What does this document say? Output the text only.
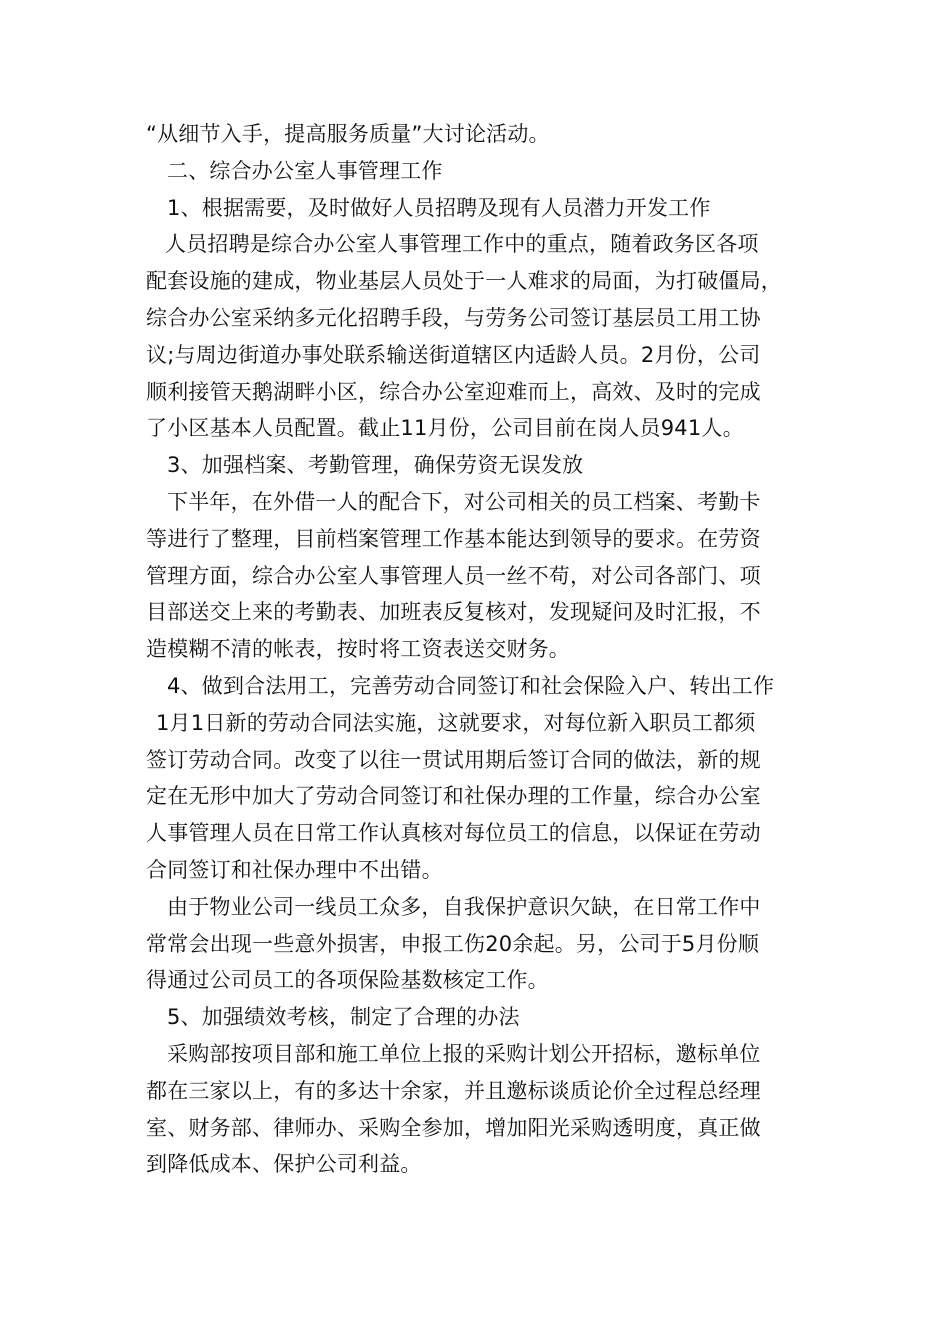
“从细节入手，提高服务质量”大讨论活动。
二、综合办公室人事管理工作
1、根据需要，及时做好人员招聘及现有人员潜力开发工作
人员招聘是综合办公室人事管理工作中的重点，随着政务区各项
配套设施的建成，物业基层人员处于一人难求的局面，为打破僵局，
综合办公室采纳多元化招聘手段，与劳务公司签订基层员工用工协
议;与周边街道办事处联系输送街道辖区内适龄人员。2月份，公司
顺利接管天鹅湖畔小区，综合办公室迎难而上，高效、及时的完成
了小区基本人员配置。截止11月份，公司目前在岗人员941人。
3、加强档案、考勤管理，确保劳资无误发放
下半年，在外借一人的配合下，对公司相关的员工档案、考勤卡
等进行了整理，目前档案管理工作基本能达到领导的要求。在劳资
管理方面，综合办公室人事管理人员一丝不苟，对公司各部门、项
目部送交上来的考勤表、加班表反复核对，发现疑问及时汇报，不
造模糊不清的帐表，按时将工资表送交财务。
4、做到合法用工，完善劳动合同签订和社会保险入户、转出工作
1月1日新的劳动合同法实施，这就要求，对每位新入职员工都须
签订劳动合同。改变了以往一贯试用期后签订合同的做法，新的规
定在无形中加大了劳动合同签订和社保办理的工作量，综合办公室
人事管理人员在日常工作认真核对每位员工的信息，以保证在劳动
合同签订和社保办理中不出错。
由于物业公司一线员工众多，自我保护意识欠缺，在日常工作中
常常会出现一些意外损害，申报工伤20余起。另，公司于5月份顺
得通过公司员工的各项保险基数核定工作。
5、加强绩效考核，制定了合理的办法
采购部按项目部和施工单位上报的采购计划公开招标，邀标单位
都在三家以上，有的多达十余家，并且邀标谈质论价全过程总经理
室、财务部、律师办、采购全参加，增加阳光采购透明度，真正做
到降低成本、保护公司利益。
